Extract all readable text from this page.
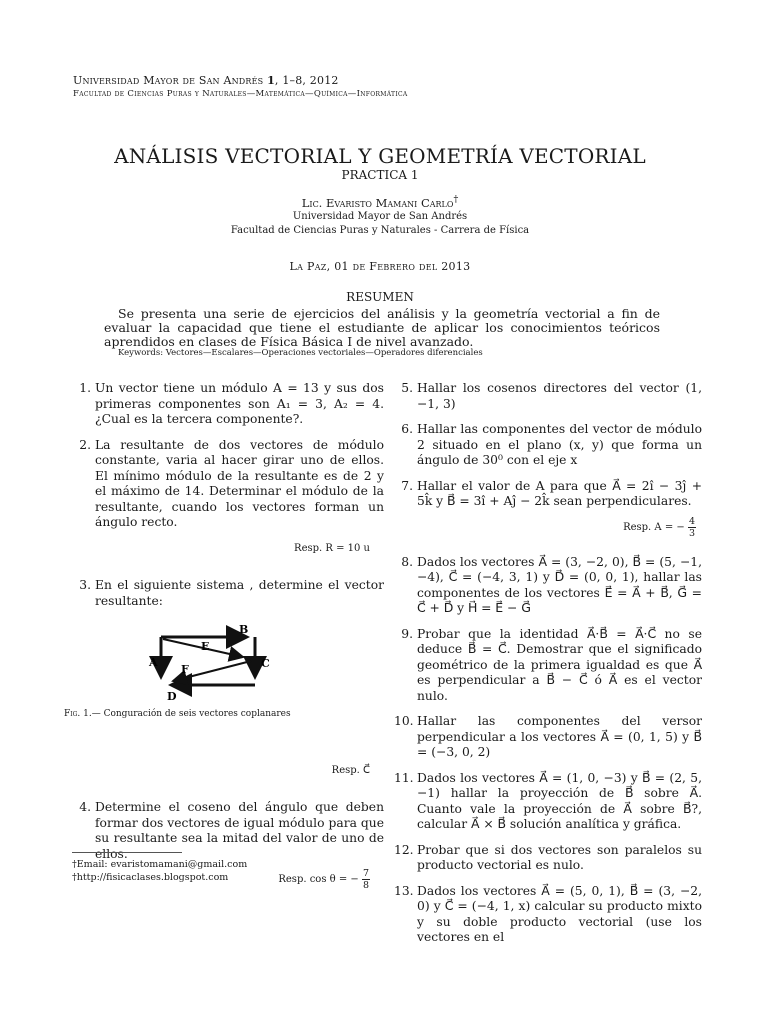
Universidad Mayor de San Andrés 1, 1–8, 2012
Facultad de Ciencias Puras y Naturales—Matemática—Química—Informática
ANÁLISIS VECTORIAL Y GEOMETRÍA VECTORIAL
PRACTICA 1
Lic. Evaristo Mamani Carlo†
Universidad Mayor de San Andrés
Facultad de Ciencias Puras y Naturales - Carrera de Física
La Paz, 01 de Febrero del 2013
RESUMEN
Se presenta una serie de ejercicios del análisis y la geometría vectorial a fin de evaluar la capacidad que tiene el estudiante de aplicar los conocimientos teóricos aprendidos en clases de Física Básica I de nivel avanzado.
Keywords: Vectores—Escalares—Operaciones vectoriales—Operadores diferenciales
1. Un vector tiene un módulo A = 13 y sus dos primeras componentes son A₁ = 3, A₂ = 4. ¿Cual es la tercera componente?.
2. La resultante de dos vectores de módulo constante, varia al hacer girar uno de ellos. El mínimo módulo de la resultante es de 2 y el máximo de 14. Determinar el módulo de la resultante, cuando los vectores forman un ángulo recto.
Resp. R = 10 u
3. En el siguiente sistema , determine el vector resultante:
A
B
C
D
E
F
Fig. 1.— Conguración de seis vectores coplanares
Resp. C⃗
4. Determine el coseno del ángulo que deben formar dos vectores de igual módulo para que su resultante sea la mitad del valor de uno de ellos.
Resp. cos θ = − $\frac{7}{8}$
5. Hallar los cosenos directores del vector (1, −1, 3)
6. Hallar las componentes del vector de módulo 2 situado en el plano (x, y) que forma un ángulo de 30⁰ con el eje x
7. Hallar el valor de A para que A⃗ = 2î − 3ĵ + 5k̂ y B⃗ = 3î + Aĵ − 2k̂ sean perpendiculares.
Resp. A = − $\frac{4}{3}$
8. Dados los vectores A⃗ = (3, −2, 0), B⃗ = (5, −1, −4), C⃗ = (−4, 3, 1) y D⃗ = (0, 0, 1), hallar las componentes de los vectores E⃗ = A⃗ + B⃗, G⃗ = C⃗ + D⃗ y H⃗ = E⃗ − G⃗
9. Probar que la identidad A⃗·B⃗ = A⃗·C⃗ no se deduce B⃗ = C⃗. Demostrar que el significado geométrico de la primera igualdad es que A⃗ es perpendicular a B⃗ − C⃗ ó A⃗ es el vector nulo.
10. Hallar las componentes del versor perpendicular a los vectores A⃗ = (0, 1, 5) y B⃗ = (−3, 0, 2)
11. Dados los vectores A⃗ = (1, 0, −3) y B⃗ = (2, 5, −1) hallar la proyección de B⃗ sobre A⃗. Cuanto vale la proyección de A⃗ sobre B⃗?, calcular A⃗ × B⃗ solución analítica y gráfica.
12. Probar que si dos vectores son paralelos su producto vectorial es nulo.
13. Dados los vectores A⃗ = (5, 0, 1), B⃗ = (3, −2, 0) y C⃗ = (−4, 1, x) calcular su producto mixto y su doble producto vectorial (use los vectores en el
†Email: evaristomamani@gmail.com
†http://fisicaclases.blogspot.com
